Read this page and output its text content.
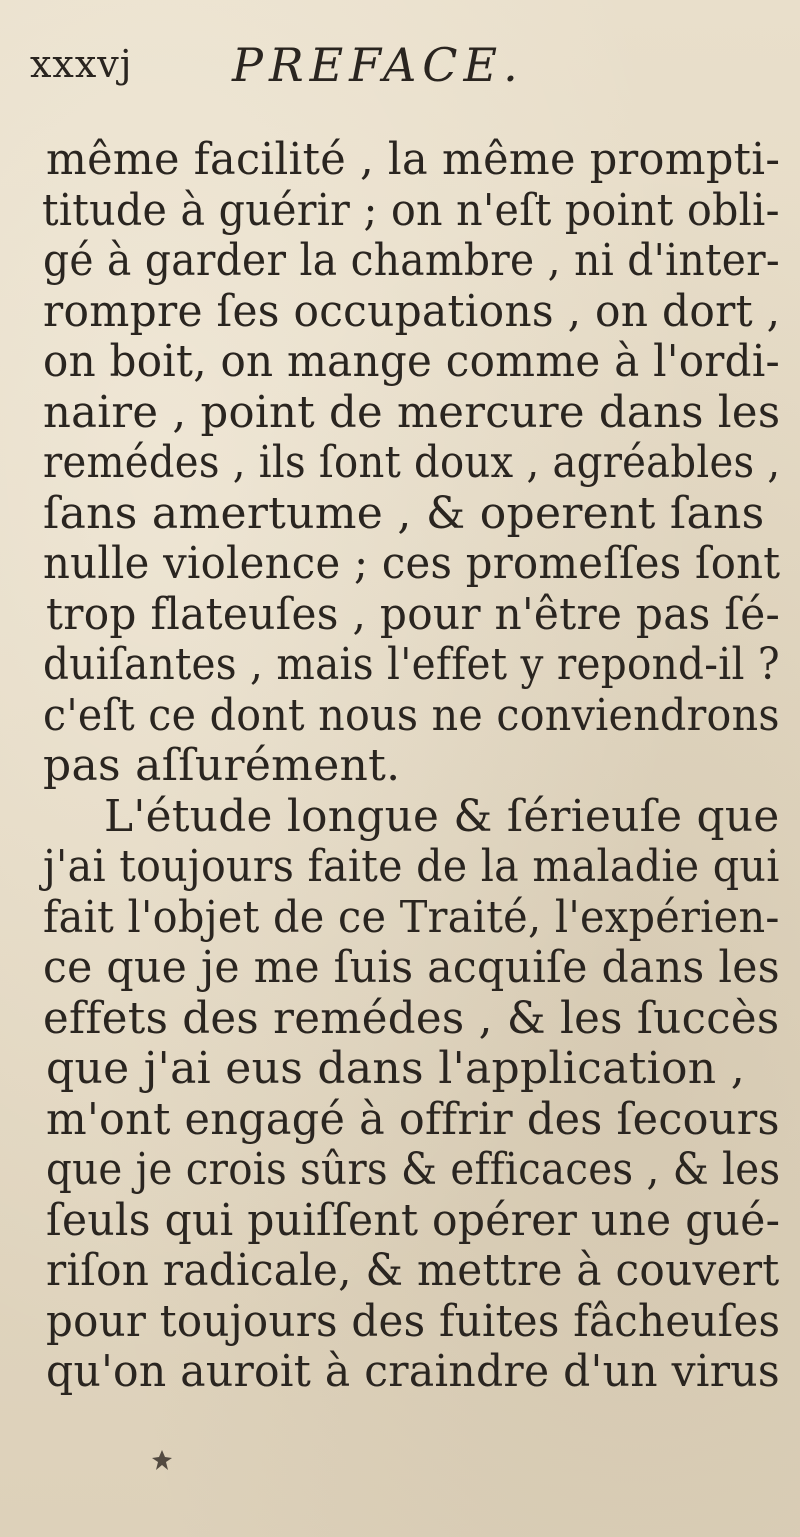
xxxvj PREFACE.
même facilité , la même prompti-
titude à guérir ; on n'eſt point obli-
gé à garder la chambre , ni d'inter-
rompre ſes occupations , on dort ,
on boit, on mange comme à l'ordi-
naire , point de mercure dans les
remédes , ils ſont doux , agréables ,
ſans amertume , & operent ſans
nulle violence ; ces promeſſes ſont
trop flateuſes , pour n'être pas ſé-
duiſantes , mais l'effet y repond-il ?
c'eſt ce dont nous ne conviendrons
pas aſſurément.
L'étude longue & ſérieuſe que
j'ai toujours faite de la maladie qui
fait l'objet de ce Traité, l'expérien-
ce que je me ſuis acquiſe dans les
effets des remédes , & les ſuccès
que j'ai eus dans l'application ,
m'ont engagé à offrir des ſecours
que je crois sûrs & efficaces , & les
ſeuls qui puiſſent opérer une gué-
riſon radicale, & mettre à couvert
pour toujours des fuites fâcheuſes
qu'on auroit à craindre d'un virus
